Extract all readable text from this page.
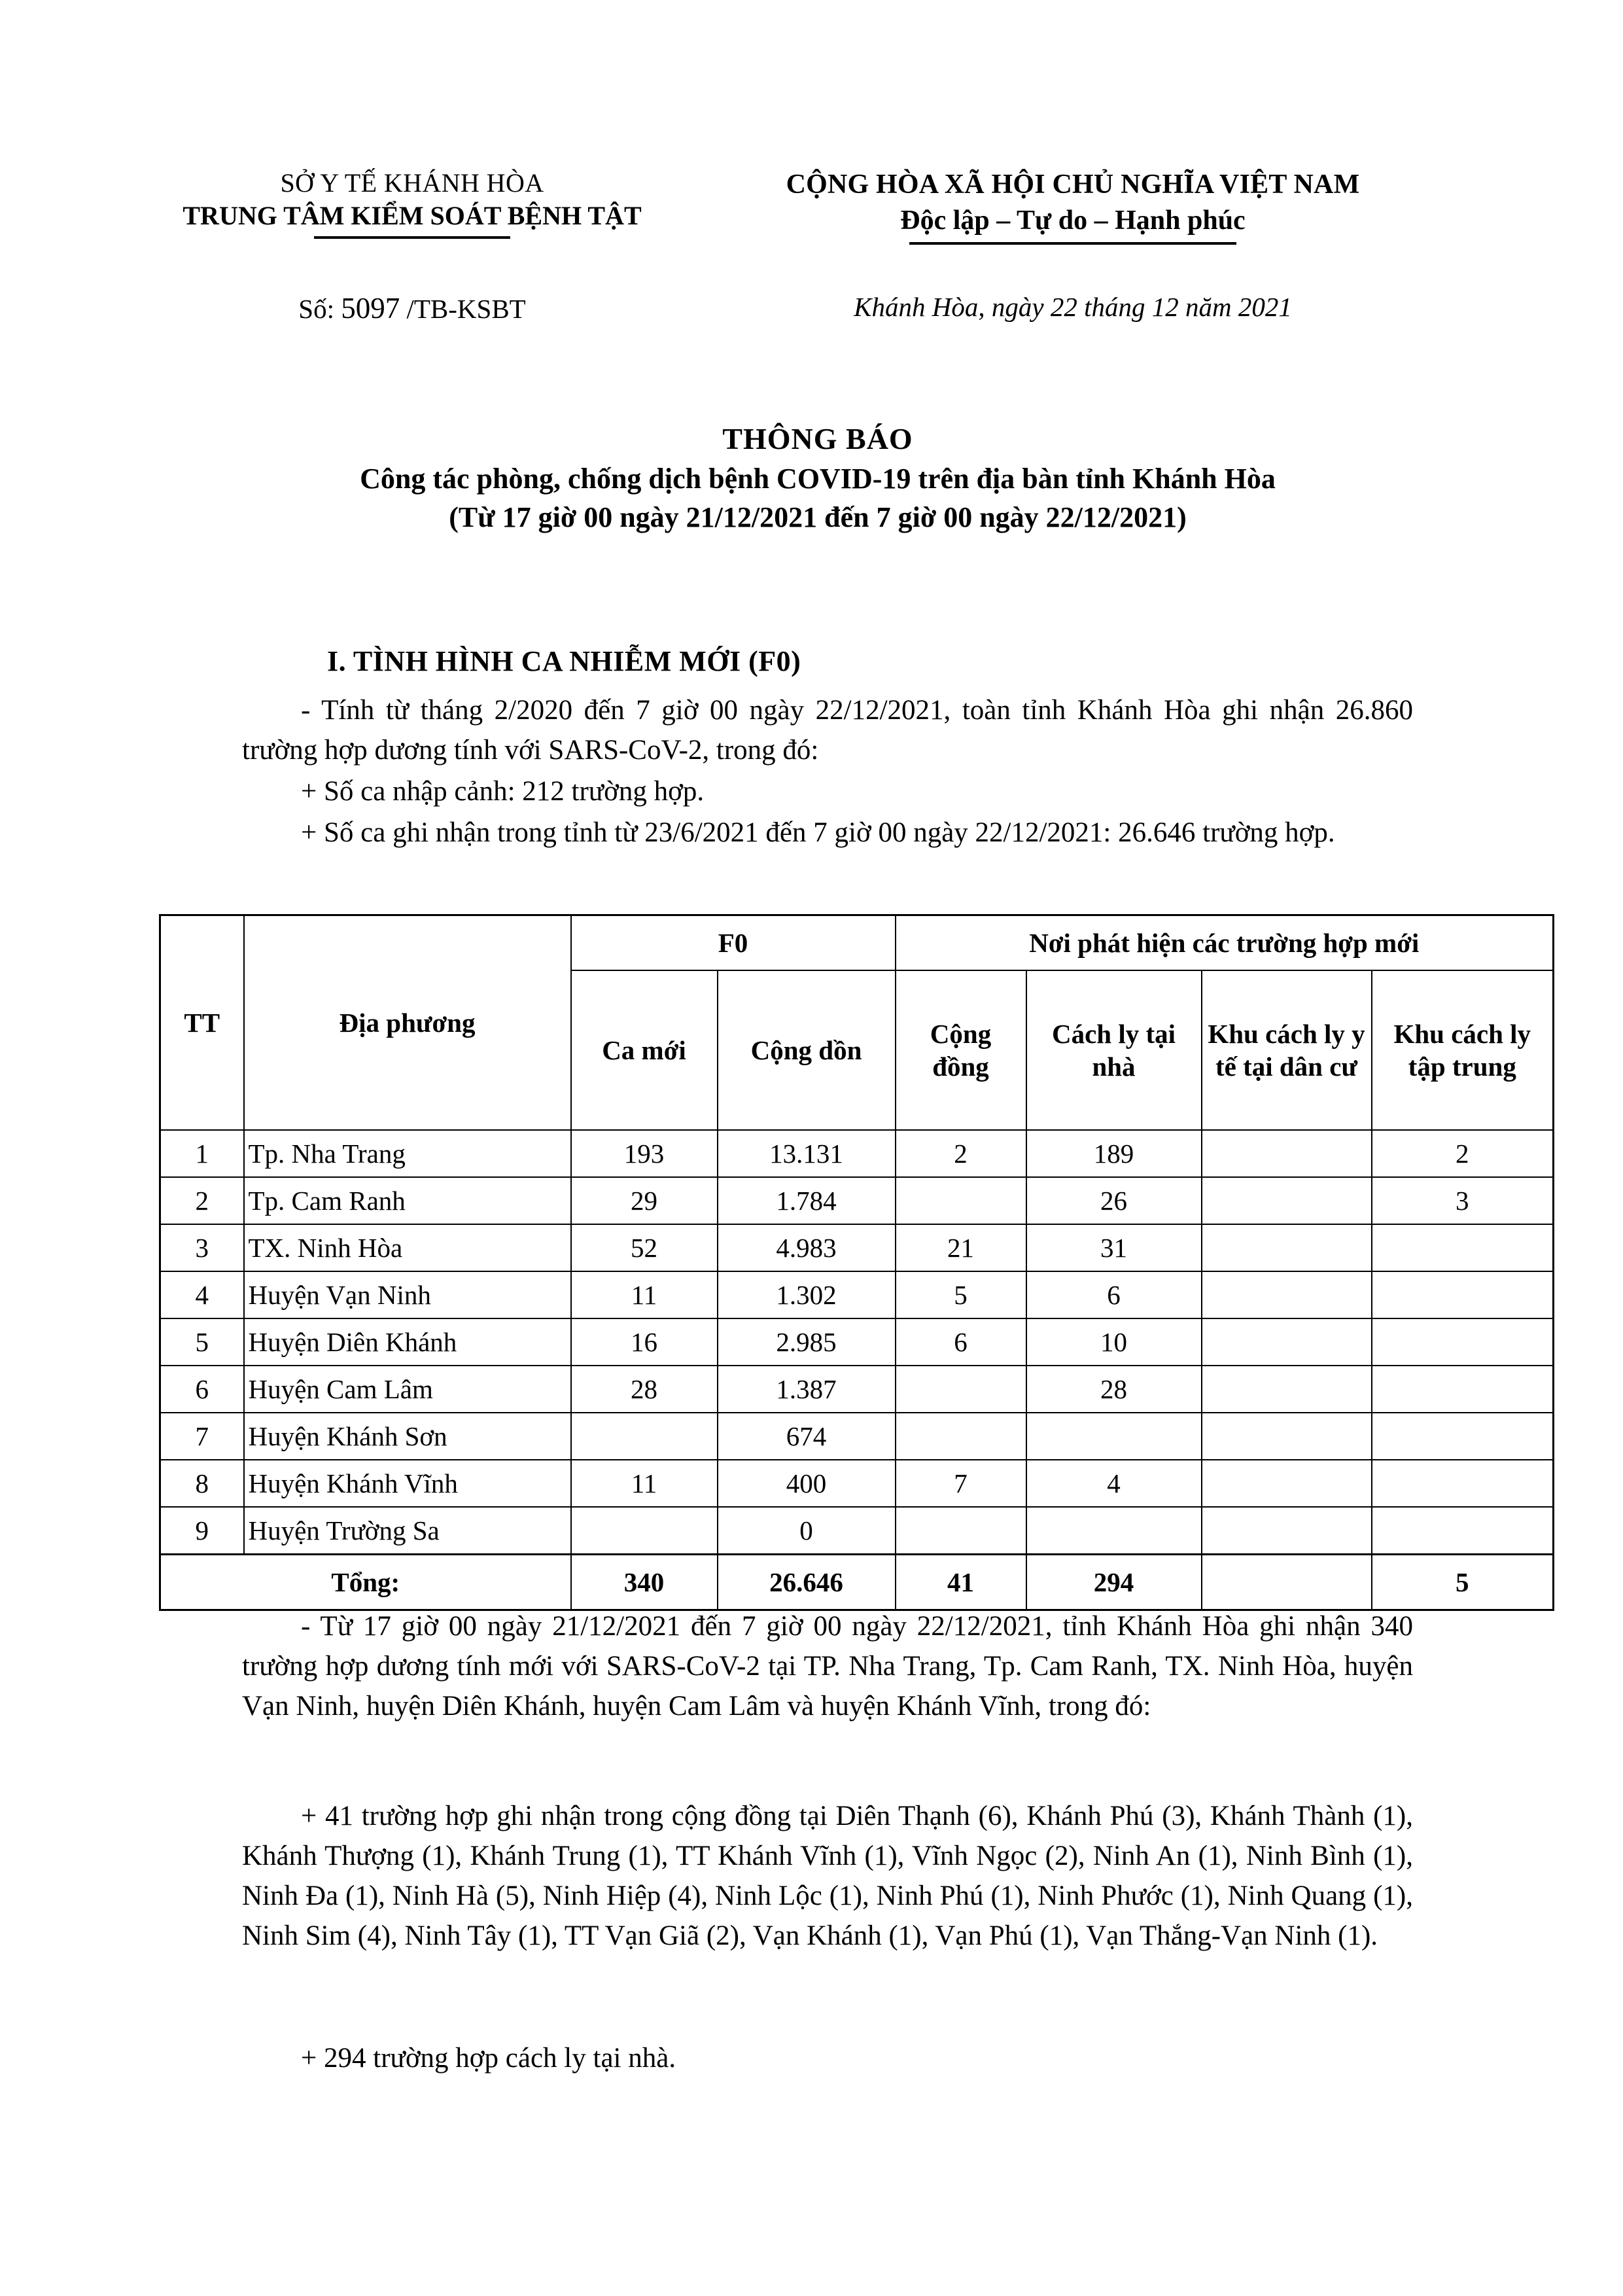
SỞ Y TẾ KHÁNH HÒA
TRUNG TÂM KIỂM SOÁT BỆNH TẬT
CỘNG HÒA XÃ HỘI CHỦ NGHĨA VIỆT NAM
Độc lập – Tự do – Hạnh phúc
Số: 5097 /TB-KSBT	Khánh Hòa, ngày 22 tháng 12 năm 2021
THÔNG BÁO
Công tác phòng, chống dịch bệnh COVID-19 trên địa bàn tỉnh Khánh Hòa
(Từ 17 giờ 00 ngày 21/12/2021 đến 7 giờ 00 ngày 22/12/2021)
I. TÌNH HÌNH CA NHIỄM MỚI (F0)

- Tính từ tháng 2/2020 đến 7 giờ 00 ngày 22/12/2021, toàn tỉnh Khánh Hòa ghi nhận 26.860 trường hợp dương tính với SARS-CoV-2, trong đó:

+ Số ca nhập cảnh: 212 trường hợp.

+ Số ca ghi nhận trong tỉnh từ 23/6/2021 đến 7 giờ 00 ngày 22/12/2021: 26.646 trường hợp.

TT	Địa phương	F0		Nơi phát hiện các trường hợp mới			
		Ca mới	Cộng dồn	Cộng đồng	Cách ly tại nhà	Khu cách ly y tế tại dân cư	Khu cách ly tập trung
1	Tp. Nha Trang	193	13.131	2	189		2
2	Tp. Cam Ranh	29	1.784		26		3
3	TX. Ninh Hòa	52	4.983	21	31		
4	Huyện Vạn Ninh	11	1.302	5	6		
5	Huyện Diên Khánh	16	2.985	6	10		
6	Huyện Cam Lâm	28	1.387		28		
7	Huyện Khánh Sơn		674				
8	Huyện Khánh Vĩnh	11	400	7	4		
9	Huyện Trường Sa		0				
Tổng:		340	26.646	41	294		5

- Từ 17 giờ 00 ngày 21/12/2021 đến 7 giờ 00 ngày 22/12/2021, tỉnh Khánh Hòa ghi nhận 340 trường hợp dương tính mới với SARS-CoV-2 tại TP. Nha Trang, Tp. Cam Ranh, TX. Ninh Hòa, huyện Vạn Ninh, huyện Diên Khánh, huyện Cam Lâm và huyện Khánh Vĩnh, trong đó:

+ 41 trường hợp ghi nhận trong cộng đồng tại Diên Thạnh (6), Khánh Phú (3), Khánh Thành (1), Khánh Thượng (1), Khánh Trung (1), TT Khánh Vĩnh (1), Vĩnh Ngọc (2), Ninh An (1), Ninh Bình (1), Ninh Đa (1), Ninh Hà (5), Ninh Hiệp (4), Ninh Lộc (1), Ninh Phú (1), Ninh Phước (1), Ninh Quang (1), Ninh Sim (4), Ninh Tây (1), TT Vạn Giã (2), Vạn Khánh (1), Vạn Phú (1), Vạn Thắng-Vạn Ninh (1).

+ 294 trường hợp cách ly tại nhà.
